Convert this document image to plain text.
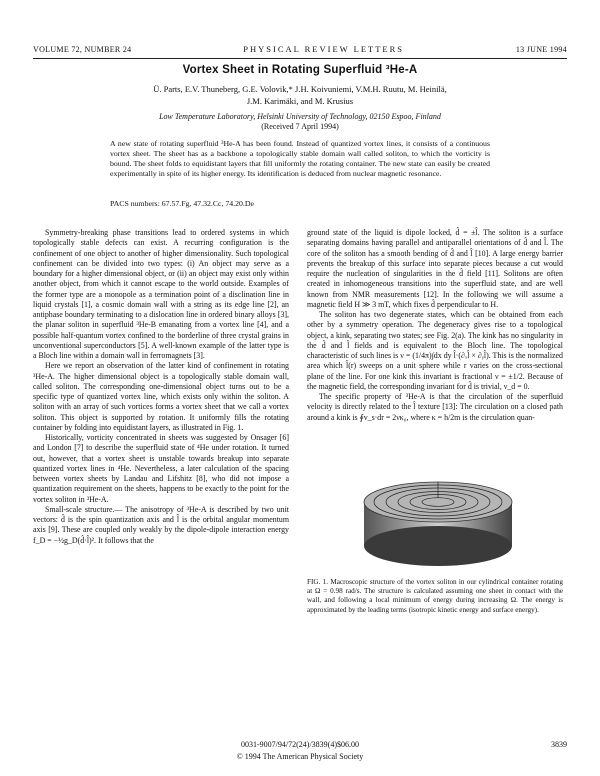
VOLUME 72, NUMBER 24	PHYSICAL REVIEW LETTERS	13 JUNE 1994
Vortex Sheet in Rotating Superfluid ³He-A
Ü. Parts, E.V. Thuneberg, G.E. Volovik,* J.H. Koivuniemi, V.M.H. Ruutu, M. Heinilä,
J.M. Karimäki, and M. Krusius
Low Temperature Laboratory, Helsinki University of Technology, 02150 Espoo, Finland
(Received 7 April 1994)
A new state of rotating superfluid ³He-A has been found. Instead of quantized vortex lines, it consists of a continuous vortex sheet. The sheet has as a backbone a topologically stable domain wall called soliton, to which the vorticity is bound. The sheet folds to equidistant layers that fill uniformly the rotating container. The new state can easily be created experimentally in spite of its higher energy. Its identification is deduced from nuclear magnetic resonance.
PACS numbers: 67.57.Fg, 47.32.Cc, 74.20.De

Symmetry-breaking phase transitions lead to ordered systems in which topologically stable defects can exist. A recurring configuration is the confinement of one object to another of higher dimensionality. Such topological confinement can be divided into two types: (i) An object may serve as a boundary for a higher dimensional object, or (ii) an object may exist only within another object, from which it cannot escape to the world outside. Examples of the former type are a monopole as a termination point of a disclination line in liquid crystals [1], a cosmic domain wall with a string as its edge line [2], an antiphase boundary terminating to a dislocation line in ordered binary alloys [3], the planar soliton in superfluid ³He-B emanating from a vortex line [4], and a possible half-quantum vortex confined to the borderline of three crystal grains in unconventional superconductors [5]. A well-known example of the latter type is a Bloch line within a domain wall in ferromagnets [3].

Here we report an observation of the latter kind of confinement in rotating ³He-A. The higher dimensional object is a topologically stable domain wall, called soliton. The corresponding one-dimensional object turns out to be a specific type of quantized vortex line, which exists only within the soliton. A soliton with an array of such vortices forms a vortex sheet that we call a vortex soliton. This object is supported by rotation. It uniformly fills the rotating container by folding into equidistant layers, as illustrated in Fig. 1.

Historically, vorticity concentrated in sheets was suggested by Onsager [6] and London [7] to describe the superfluid state of ⁴He under rotation. It turned out, however, that a vortex sheet is unstable towards breakup into separate quantized vortex lines in ⁴He. Nevertheless, a later calculation of the spacing between vortex sheets by Landau and Lifshitz [8], who did not impose a quantization requirement on the sheets, happens to be exactly to the point for the vortex soliton in ³He-A.

Small-scale structure.— The anisotropy of ³He-A is described by two unit vectors: d̂ is the spin quantization axis and l̂ is the orbital angular momentum axis [9]. These are coupled only weakly by the dipole-dipole interaction energy f_D = −½g_D(d̂·l̂)². It follows that the

ground state of the liquid is dipole locked, d̂ = ±l̂. The soliton is a surface separating domains having parallel and antiparallel orientations of d̂ and l̂. The core of the soliton has a smooth bending of d̂ and l̂ [10]. A large energy barrier prevents the breakup of this surface into separate pieces because a cut would require the nucleation of singularities in the d̂ field [11]. Solitons are often created in inhomogeneous transitions into the superfluid state, and are well known from NMR measurements [12]. In the following we will assume a magnetic field H ≫ 3 mT, which fixes d̂ perpendicular to H.

The soliton has two degenerate states, which can be obtained from each other by a symmetry operation. The degeneracy gives rise to a topological object, a kink, separating two states; see Fig. 2(a). The kink has no singularity in the d̂ and l̂ fields and is equivalent to the Bloch line. The topological characteristic of such lines is ν = (1/4π)∫dx dy l̂·(∂ₓl̂ × ∂ᵧl̂). This is the normalized area which l̂(r) sweeps on a unit sphere while r varies on the cross-sectional plane of the line. For one kink this invariant is fractional ν = ±1/2. Because of the magnetic field, the corresponding invariant for d̂ is trivial, ν_d = 0.

The specific property of ³He-A is that the circulation of the superfluid velocity is directly related to the l̂ texture [13]: The circulation on a closed path around a kink is ∮v_s·dr = 2νκ₀, where κ = h/2m is the circulation quan-

FIG. 1. Macroscopic structure of the vortex soliton in our cylindrical container rotating at Ω = 0.98 rad/s. The structure is calculated assuming one sheet in contact with the wall, and following a local minimum of energy during increasing Ω. The energy is approximated by the leading terms (isotropic kinetic energy and surface energy).
0031-9007/94/72(24)/3839(4)$06.00
© 1994 The American Physical Society
3839
